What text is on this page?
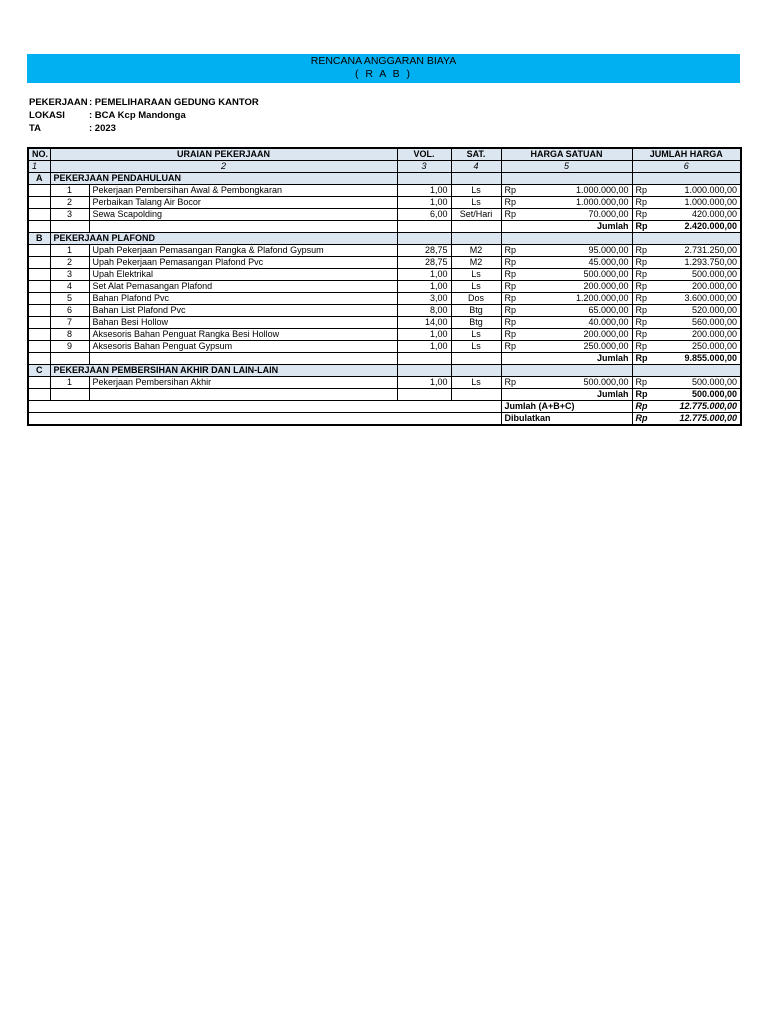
RENCANA ANGGARAN BIAYA
( R A B )
PEKERJAAN: PEMELIHARAAN GEDUNG KANTOR
LOKASI	: BCA Kcp Mandonga
TA	: 2023
NO.	URAIAN PEKERJAAN		VOL.	SAT.	HARGA SATUAN		JUMLAH HARGA	
1	2		3	4	5		6	
A	PEKERJAAN PENDAHULUAN							
	1	Pekerjaan Pembersihan Awal & Pembongkaran	1,00	Ls	Rp	1.000.000,00	Rp	1.000.000,00
	2	Perbaikan Talang Air Bocor	1,00	Ls	Rp	1.000.000,00	Rp	1.000.000,00
	3	Sewa Scapolding	6,00	Set/Hari	Rp	70.000,00	Rp	420.000,00
					Jumlah		Rp	2.420.000,00
B	PEKERJAAN PLAFOND							
	1	Upah Pekerjaan Pemasangan Rangka & Plafond Gypsum	28,75	M2	Rp	95.000,00	Rp	2.731.250,00
	2	Upah Pekerjaan Pemasangan Plafond Pvc	28,75	M2	Rp	45.000,00	Rp	1.293.750,00
	3	Upah Elektrikal	1,00	Ls	Rp	500.000,00	Rp	500.000,00
	4	Set Alat Pemasangan Plafond	1,00	Ls	Rp	200.000,00	Rp	200.000,00
	5	Bahan Plafond Pvc	3,00	Dos	Rp	1.200.000,00	Rp	3.600.000,00
	6	Bahan List Plafond Pvc	8,00	Btg	Rp	65.000,00	Rp	520.000,00
	7	Bahan Besi Hollow	14,00	Btg	Rp	40.000,00	Rp	560.000,00
	8	Aksesoris Bahan Penguat Rangka Besi Hollow	1,00	Ls	Rp	200.000,00	Rp	200.000,00
	9	Aksesoris Bahan Penguat Gypsum	1,00	Ls	Rp	250.000,00	Rp	250.000,00
					Jumlah		Rp	9.855.000,00
C	PEKERJAAN PEMBERSIHAN AKHIR DAN LAIN-LAIN							
	1	Pekerjaan Pembersihan Akhir	1,00	Ls	Rp	500.000,00	Rp	500.000,00
					Jumlah		Rp	500.000,00
					Jumlah (A+B+C)		Rp	12.775.000,00
					Dibulatkan		Rp	12.775.000,00
